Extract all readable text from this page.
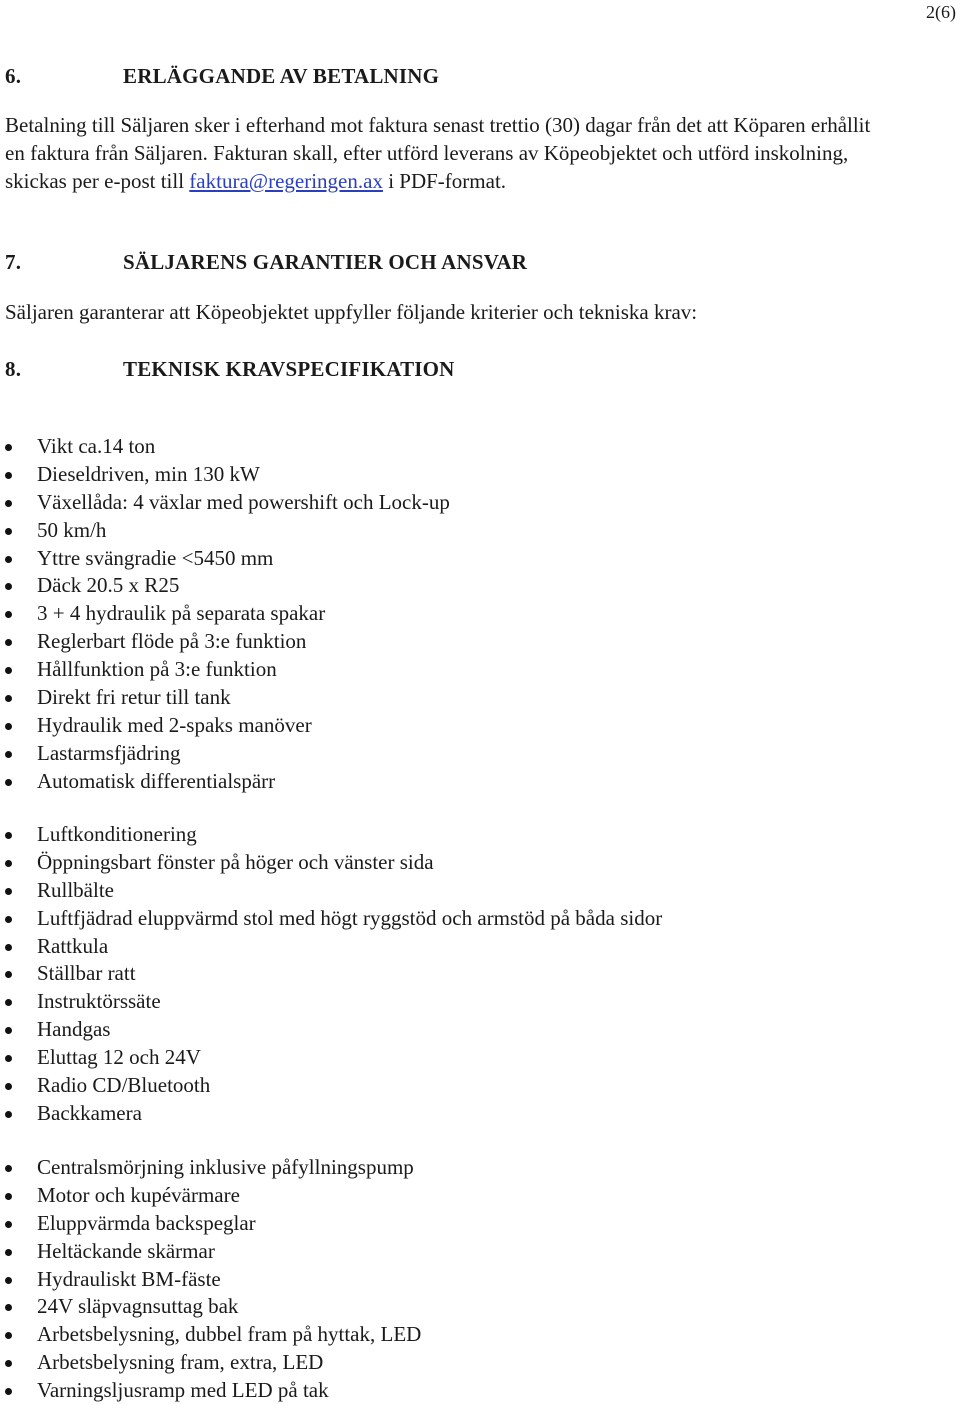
2(6)
6.	ERLÄGGANDE AV BETALNING
Betalning till Säljaren sker i efterhand mot faktura senast trettio (30) dagar från det att Köparen erhållit
en faktura från Säljaren. Fakturan skall, efter utförd leverans av Köpeobjektet och utförd inskolning,
skickas per e-post till faktura@regeringen.ax i PDF-format.
7.	SÄLJARENS GARANTIER OCH ANSVAR
Säljaren garanterar att Köpeobjektet uppfyller följande kriterier och tekniska krav:
8.	TEKNISK KRAVSPECIFIKATION
Vikt ca.14 ton
Dieseldriven, min 130 kW
Växellåda: 4 växlar med powershift och Lock-up
50 km/h
Yttre svängradie <5450 mm
Däck 20.5 x R25
3 + 4 hydraulik på separata spakar
Reglerbart flöde på 3:e funktion
Hållfunktion på 3:e funktion
Direkt fri retur till tank
Hydraulik med 2-spaks manöver
Lastarmsfjädring
Automatisk differentialspärr
Luftkonditionering
Öppningsbart fönster på höger och vänster sida
Rullbälte
Luftfjädrad eluppvärmd stol med högt ryggstöd och armstöd på båda sidor
Rattkula
Ställbar ratt
Instruktörssäte
Handgas
Eluttag 12 och 24V
Radio CD/Bluetooth
Backkamera
Centralsmörjning inklusive påfyllningspump
Motor och kupévärmare
Eluppvärmda backspeglar
Heltäckande skärmar
Hydrauliskt BM-fäste
24V släpvagnsuttag bak
Arbetsbelysning, dubbel fram på hyttak, LED
Arbetsbelysning fram, extra, LED
Varningsljusramp med LED på tak
